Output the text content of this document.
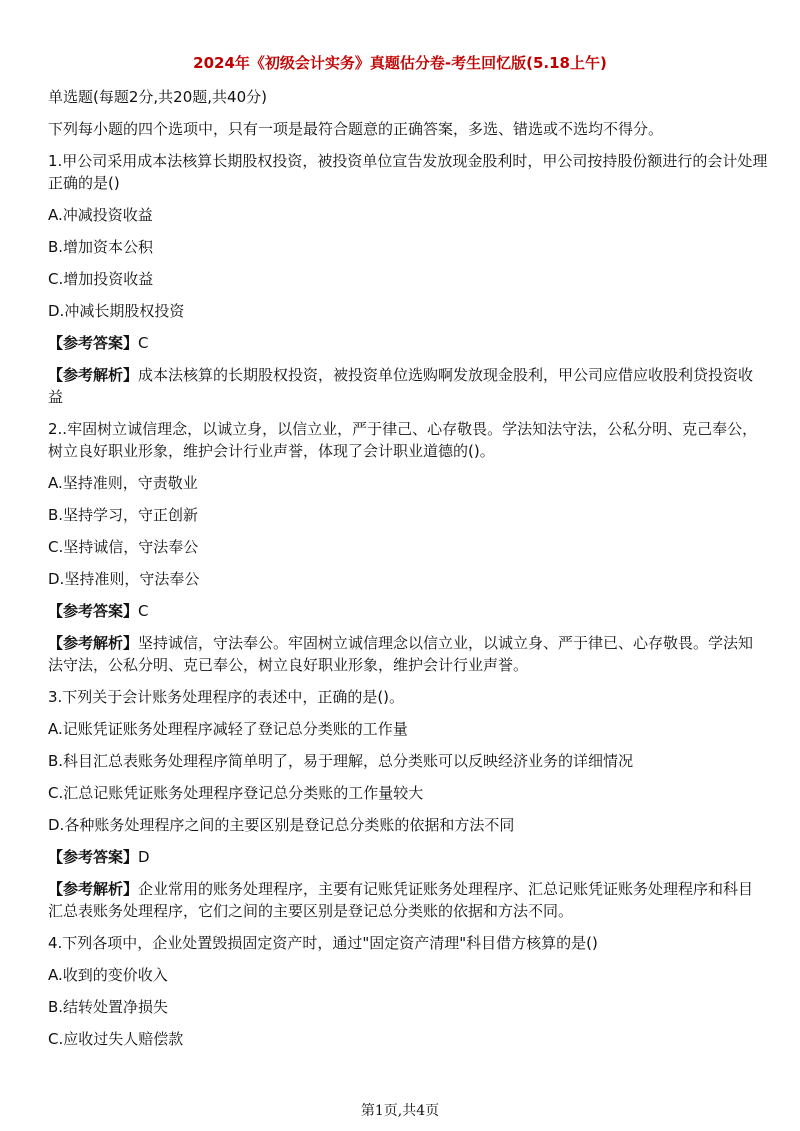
2024年《初级会计实务》真题估分卷-考生回忆版(5.18上午)

单选题(每题2分,共20题,共40分)

下列每小题的四个选项中，只有一项是最符合题意的正确答案，多选、错选或不选均不得分。

1.甲公司采用成本法核算长期股权投资，被投资单位宣告发放现金股利时，甲公司按持股份额进行的会计处理正确的是()

A.冲减投资收益

B.增加资本公积

C.增加投资收益

D.冲减长期股权投资

【参考答案】C

【参考解析】成本法核算的长期股权投资，被投资单位选购啊发放现金股利，甲公司应借应收股利贷投资收益

2..牢固树立诚信理念，以诚立身，以信立业，严于律己、心存敬畏。学法知法守法，公私分明、克己奉公，树立良好职业形象，维护会计行业声誉，体现了会计职业道德的()。

A.坚持准则，守责敬业

B.坚持学习，守正创新

C.坚持诚信，守法奉公

D.坚持准则，守法奉公

【参考答案】C

【参考解析】坚持诚信，守法奉公。牢固树立诚信理念以信立业，以诚立身、严于律已、心存敬畏。学法知法守法，公私分明、克已奉公，树立良好职业形象，维护会计行业声誉。

3.下列关于会计账务处理程序的表述中，正确的是()。

A.记账凭证账务处理程序减轻了登记总分类账的工作量

B.科目汇总表账务处理程序简单明了，易于理解，总分类账可以反映经济业务的详细情况

C.汇总记账凭证账务处理程序登记总分类账的工作量较大

D.各种账务处理程序之间的主要区别是登记总分类账的依据和方法不同

【参考答案】D

【参考解析】企业常用的账务处理程序，主要有记账凭证账务处理程序、汇总记账凭证账务处理程序和科目汇总表账务处理程序，它们之间的主要区别是登记总分类账的依据和方法不同。

4.下列各项中，企业处置毁损固定资产时，通过"固定资产清理"科目借方核算的是()

A.收到的变价收入

B.结转处置净损失

C.应收过失人赔偿款

第1页,共4页
